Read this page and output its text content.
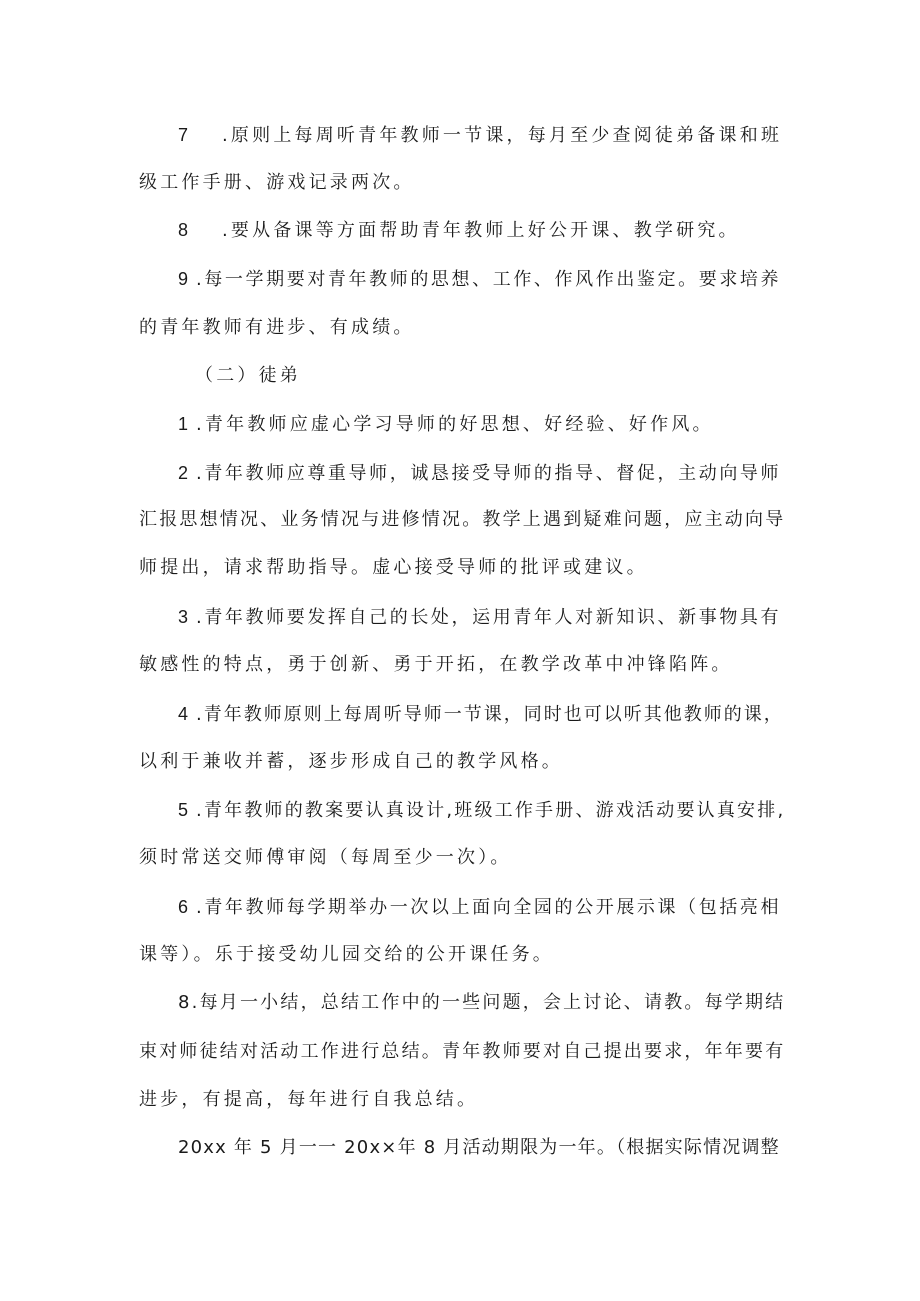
7 .原则上每周听青年教师一节课，每月至少查阅徒弟备课和班
级工作手册、游戏记录两次。
8 .要从备课等方面帮助青年教师上好公开课、教学研究。
9 .每一学期要对青年教师的思想、工作、作风作出鉴定。要求培养
的青年教师有进步、有成绩。
（二）徒弟
1 .青年教师应虚心学习导师的好思想、好经验、好作风。
2 .青年教师应尊重导师，诚恳接受导师的指导、督促，主动向导师
汇报思想情况、业务情况与进修情况。教学上遇到疑难问题，应主动向导
师提出，请求帮助指导。虚心接受导师的批评或建议。
3 .青年教师要发挥自己的长处，运用青年人对新知识、新事物具有
敏感性的特点，勇于创新、勇于开拓，在教学改革中冲锋陷阵。
4 .青年教师原则上每周听导师一节课，同时也可以听其他教师的课，
以利于兼收并蓄，逐步形成自己的教学风格。
5 .青年教师的教案要认真设计,班级工作手册、游戏活动要认真安排,
须时常送交师傅审阅（每周至少一次）。
6 .青年教师每学期举办一次以上面向全园的公开展示课（包括亮相
课等）。乐于接受幼儿园交给的公开课任务。
8.每月一小结，总结工作中的一些问题，会上讨论、请教。每学期结
束对师徒结对活动工作进行总结。青年教师要对自己提出要求，年年要有
进步，有提高，每年进行自我总结。
20xx 年 5 月一一 20x×年 8 月活动期限为一年。（根据实际情况调整
